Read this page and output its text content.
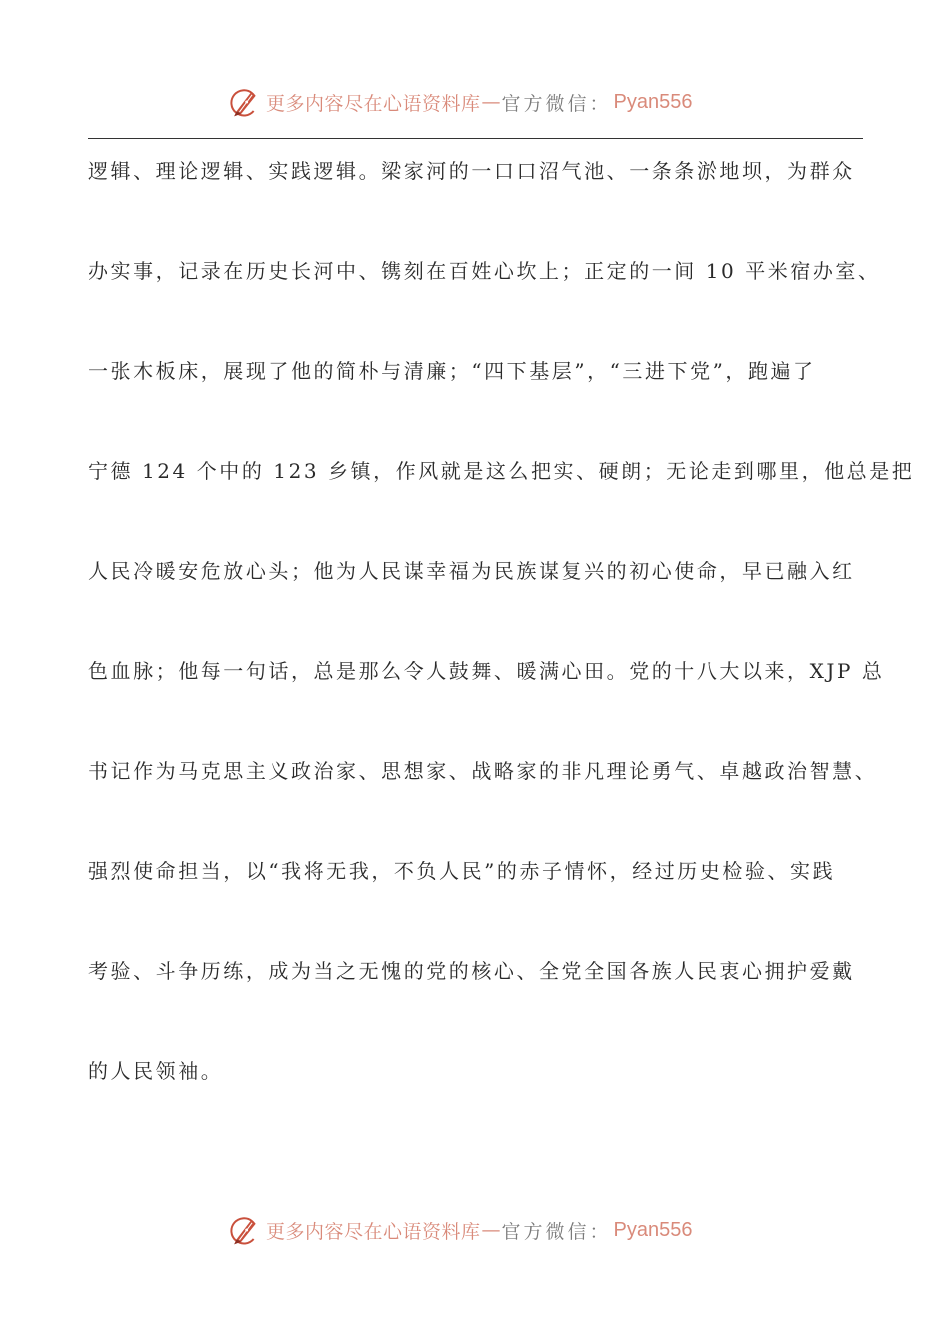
更多内容尽在心语资料库 — 官方微信： Pyan556
逻辑、理论逻辑、实践逻辑。梁家河的一口口沼气池、一条条淤地坝，为群众
办实事，记录在历史长河中、镌刻在百姓心坎上；正定的一间 10 平米宿办室、
一张木板床，展现了他的简朴与清廉；“四下基层”，“三进下党”，跑遍了
宁德 124 个中的 123 乡镇，作风就是这么把实、硬朗；无论走到哪里，他总是把
人民冷暖安危放心头；他为人民谋幸福为民族谋复兴的初心使命，早已融入红
色血脉；他每一句话，总是那么令人鼓舞、暖满心田。党的十八大以来，XJP 总
书记作为马克思主义政治家、思想家、战略家的非凡理论勇气、卓越政治智慧、
强烈使命担当，以“我将无我，不负人民”的赤子情怀，经过历史检验、实践
考验、斗争历练，成为当之无愧的党的核心、全党全国各族人民衷心拥护爱戴
的人民领袖。
更多内容尽在心语资料库 — 官方微信： Pyan556
